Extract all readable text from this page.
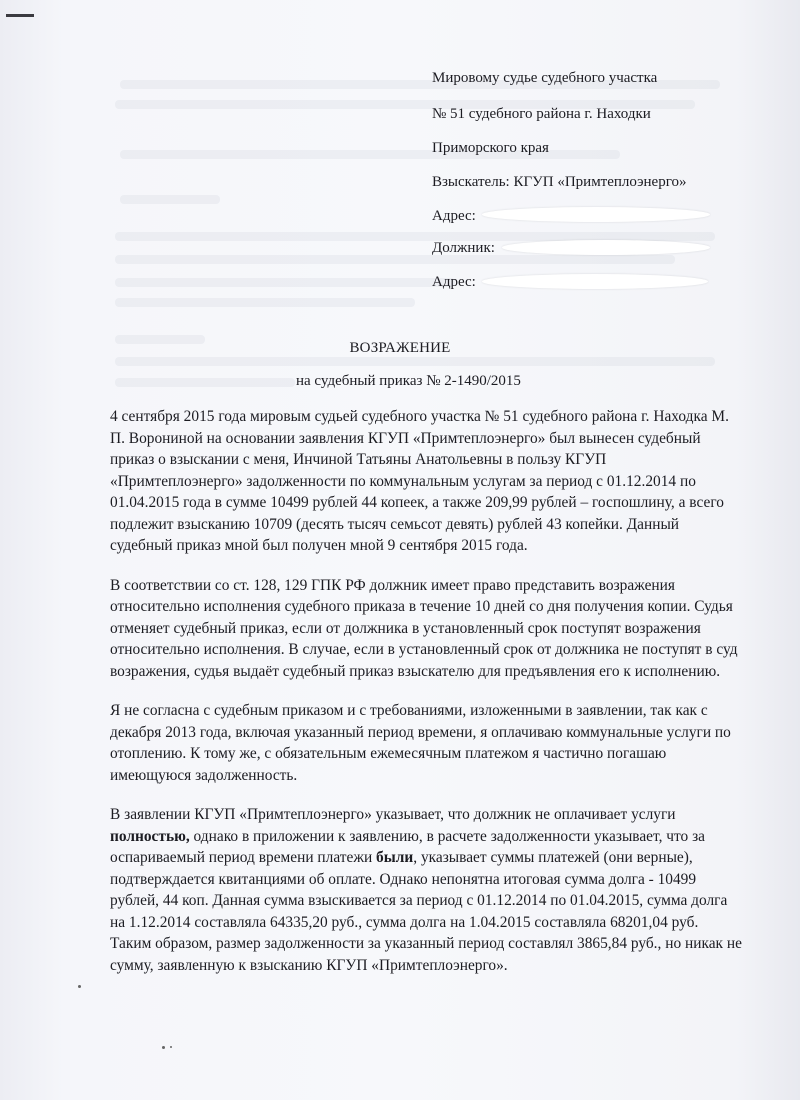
Мировому судье судебного участка
№ 51 судебного района г. Находки
Приморского края
Взыскатель: КГУП «Примтеплоэнерго»
Адрес:
Должник:
Адрес:
ВОЗРАЖЕНИЕ
на судебный приказ № 2-1490/2015

4 сентября 2015 года мировым судьей судебного участка № 51 судебного района г. Находка М. П. Ворониной на основании заявления КГУП «Примтеплоэнерго» был вынесен судебный приказ о взыскании с меня, Инчиной Татьяны Анатольевны в пользу КГУП «Примтеплоэнерго» задолженности по коммунальным услугам за период с 01.12.2014 по 01.04.2015 года в сумме 10499 рублей 44 копеек, а также 209,99 рублей – госпошлину, а всего подлежит взысканию 10709 (десять тысяч семьсот девять) рублей 43 копейки. Данный судебный приказ мной был получен мной 9 сентября 2015 года.

В соответствии со ст. 128, 129 ГПК РФ должник имеет право представить возражения относительно исполнения судебного приказа в течение 10 дней со дня получения копии. Судья отменяет судебный приказ, если от должника в установленный срок поступят возражения относительно исполнения. В случае, если в установленный срок от должника не поступят в суд возражения, судья выдаёт судебный приказ взыскателю для предъявления его к исполнению.

Я не согласна с судебным приказом и с требованиями, изложенными в заявлении, так как с декабря 2013 года, включая указанный период времени, я оплачиваю коммунальные услуги по отоплению. К тому же, с обязательным ежемесячным платежом я частично погашаю имеющуюся задолженность.

В заявлении КГУП «Примтеплоэнерго» указывает, что должник не оплачивает услуги полностью, однако в приложении к заявлению, в расчете задолженности указывает, что за оспариваемый период времени платежи были, указывает суммы платежей (они верные), подтверждается квитанциями об оплате. Однако непонятна итоговая сумма долга - 10499 рублей, 44 коп. Данная сумма взыскивается за период с 01.12.2014 по 01.04.2015, сумма долга на 1.12.2014 составляла 64335,20 руб., сумма долга на 1.04.2015 составляла 68201,04 руб. Таким образом, размер задолженности за указанный период составлял 3865,84 руб., но никак не сумму, заявленную к взысканию КГУП «Примтеплоэнерго».
